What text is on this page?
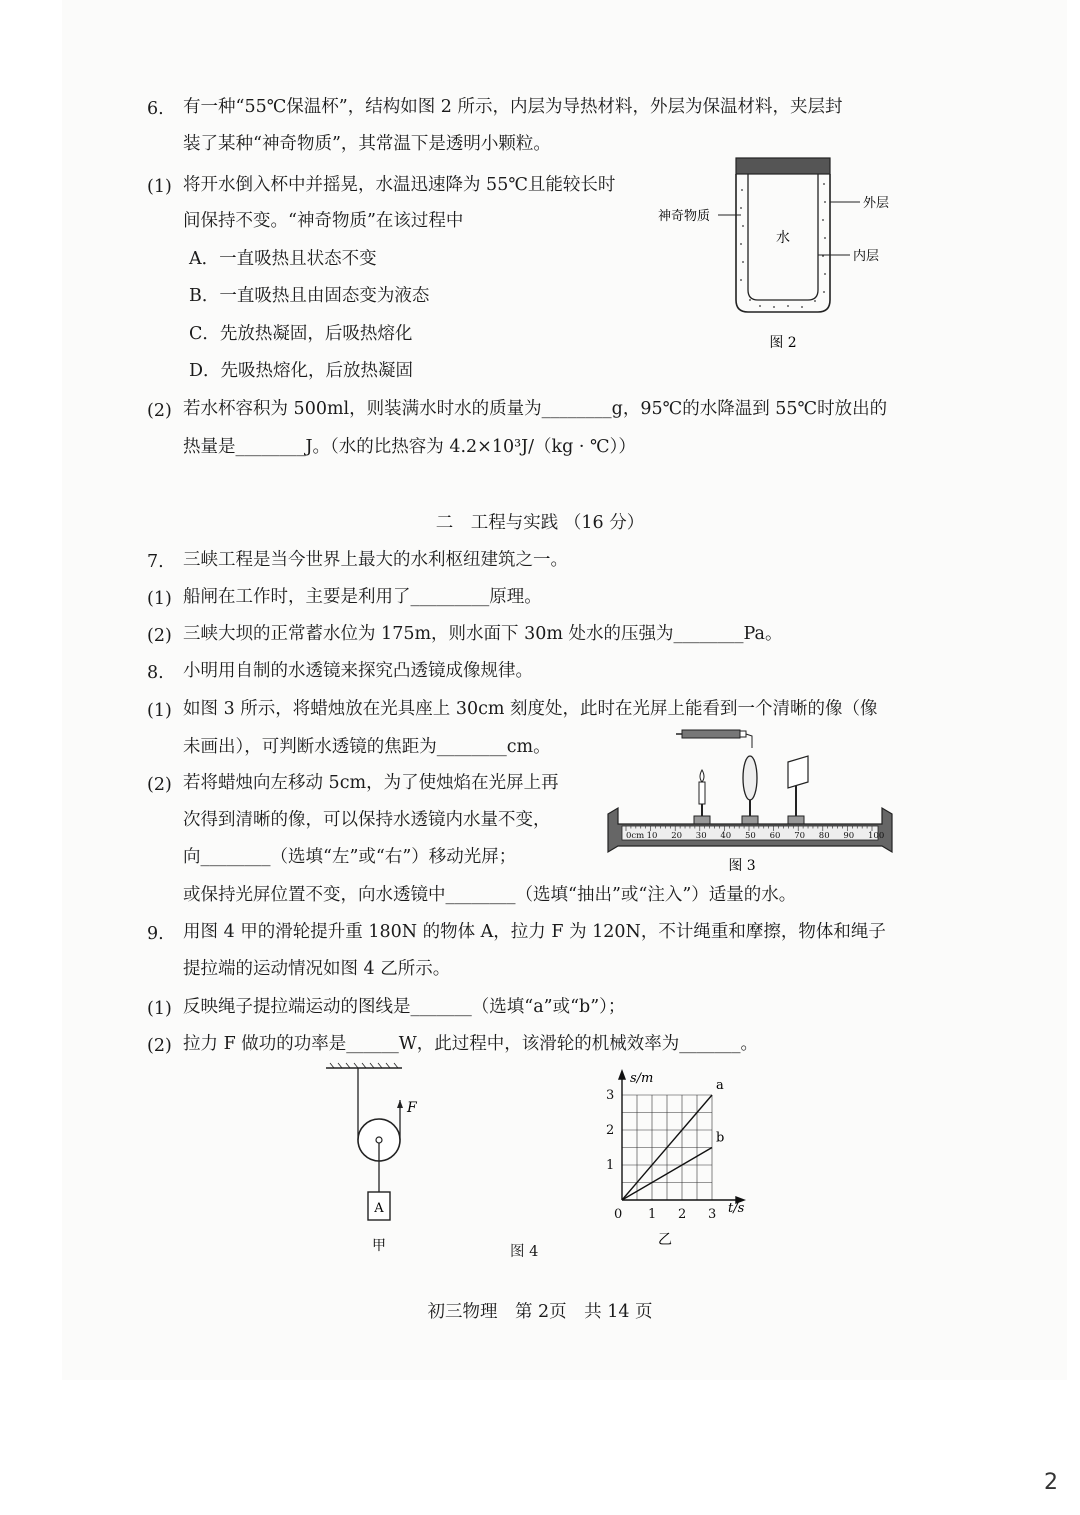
6. 有一种“55℃保温杯”，结构如图 2 所示，内层为导热材料，外层为保温材料，夹层封
装了某种“神奇物质”，其常温下是透明小颗粒。
(1) 将开水倒入杯中并摇晃，水温迅速降为 55℃且能较长时
间保持不变。“神奇物质”在该过程中
A．一直吸热且状态不变
B．一直吸热且由固态变为液态
C．先放热凝固，后吸热熔化
D．先吸热熔化，后放热凝固
(2) 若水杯容积为 500ml，则装满水时水的质量为________g，95℃的水降温到 55℃时放出的
热量是________J。（水的比热容为 4.2×10³J/（kg · ℃））
水
神奇物质
外层
内层
图 2
二　工程与实践 （16 分）
7. 三峡工程是当今世界上最大的水利枢纽建筑之一。
(1) 船闸在工作时，主要是利用了_________原理。
(2) 三峡大坝的正常蓄水位为 175m，则水面下 30m 处水的压强为________Pa。
8. 小明用自制的水透镜来探究凸透镜成像规律。
(1) 如图 3 所示，将蜡烛放在光具座上 30cm 刻度处，此时在光屏上能看到一个清晰的像（像
未画出），可判断水透镜的焦距为________cm。
(2) 若将蜡烛向左移动 5cm，为了使烛焰在光屏上再
次得到清晰的像，可以保持水透镜内水量不变，
向________（选填“左”或“右”）移动光屏；
或保持光屏位置不变，向水透镜中________（选填“抽出”或“注入”）适量的水。
0cm 10 20 30 40 50 60 70 80 90 100
图 3
9. 用图 4 甲的滑轮提升重 180N 的物体 A，拉力 F 为 120N，不计绳重和摩擦，物体和绳子
提拉端的运动情况如图 4 乙所示。
(1) 反映绳子提拉端运动的图线是_______（选填“a”或“b”）；
(2) 拉力 F 做功的功率是______W，此过程中，该滑轮的机械效率为_______。
F
A
甲	图 4
a
b
0 1 2 3
1
2
3
s/m
t/s
乙
初三物理　第 2页　共 14 页
2
